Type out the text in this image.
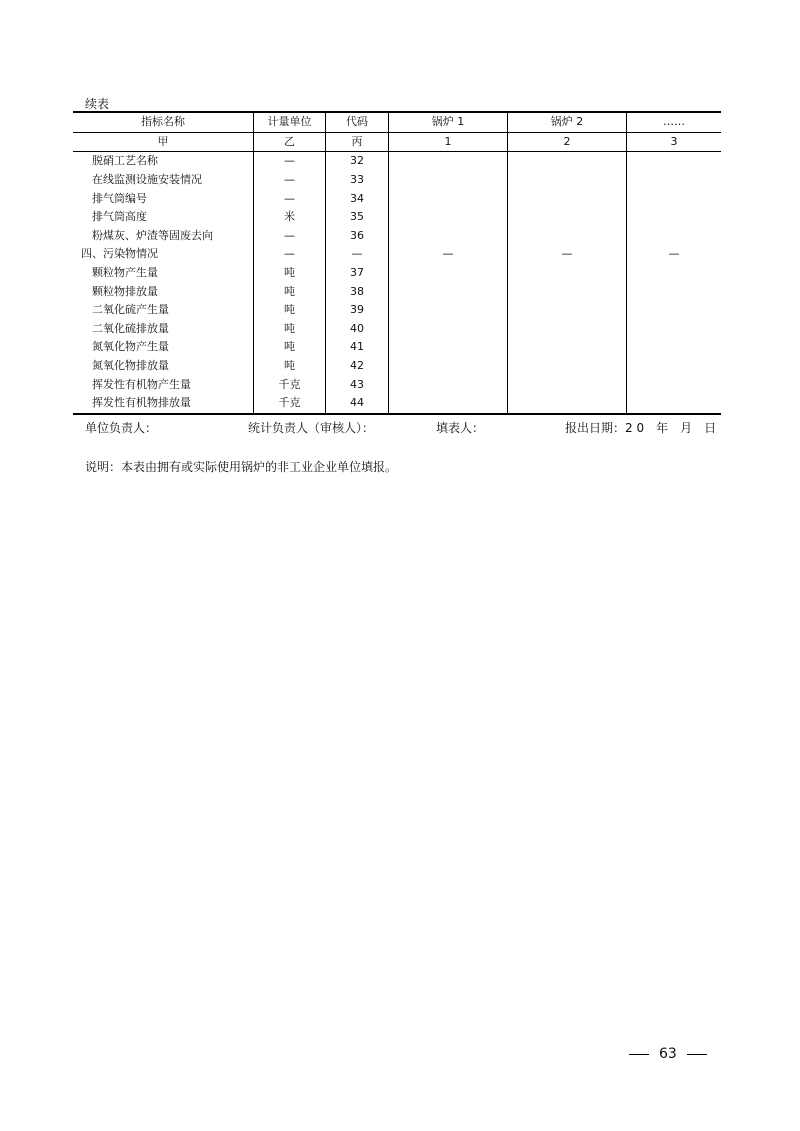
续表
指标名称	计量单位	代码	锅炉 1	锅炉 2	……
甲	乙	丙	1	2	3
脱硝工艺名称	—	32			
在线监测设施安装情况	—	33			
排气筒编号	—	34			
排气筒高度	米	35			
粉煤灰、炉渣等固废去向	—	36			
四、污染物情况	—	—	—	—	—
颗粒物产生量	吨	37			
颗粒物排放量	吨	38			
二氧化硫产生量	吨	39			
二氧化硫排放量	吨	40			
氮氧化物产生量	吨	41			
氮氧化物排放量	吨	42			
挥发性有机物产生量	千克	43			
挥发性有机物排放量	千克	44			
单位负责人：	统计负责人（审核人）：	填表人：	报出日期：2 0　年　月　日
说明：本表由拥有或实际使用锅炉的非工业企业单位填报。
63
